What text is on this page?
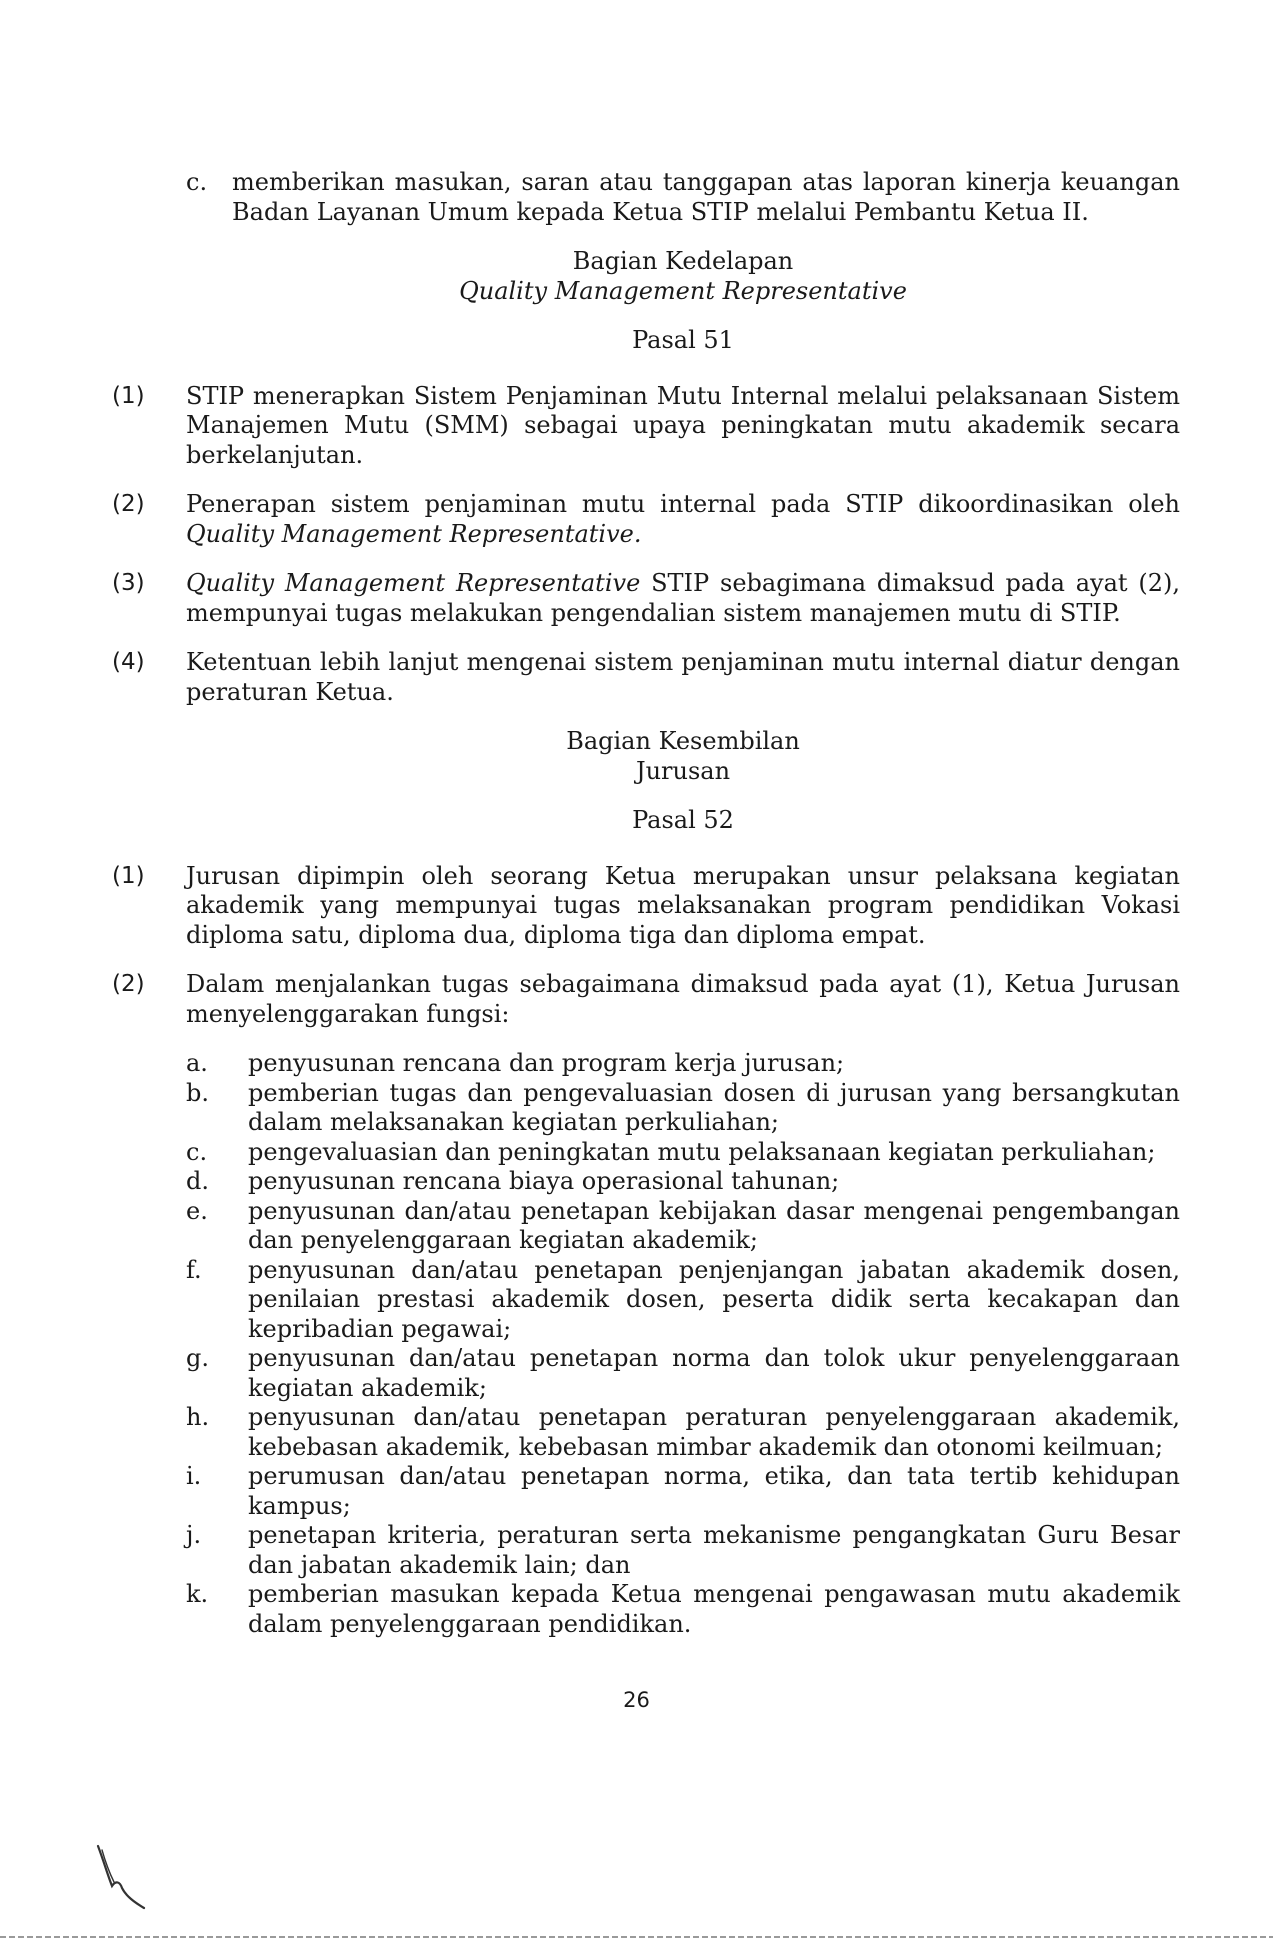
c.	memberikan masukan, saran atau tanggapan atas laporan kinerja keuangan Badan Layanan Umum kepada Ketua STIP melalui Pembantu Ketua II.
Bagian Kedelapan
Quality Management Representative
Pasal 51
(1)	STIP menerapkan Sistem Penjaminan Mutu Internal melalui pelaksanaan Sistem Manajemen Mutu (SMM) sebagai upaya peningkatan mutu akademik secara berkelanjutan.
(2)	Penerapan sistem penjaminan mutu internal pada STIP dikoordinasikan oleh Quality Management Representative.
(3)	Quality Management Representative STIP sebagimana dimaksud pada ayat (2), mempunyai tugas melakukan pengendalian sistem manajemen mutu di STIP.
(4)	Ketentuan lebih lanjut mengenai sistem penjaminan mutu internal diatur dengan peraturan Ketua.
Bagian Kesembilan
Jurusan
Pasal 52
(1)	Jurusan dipimpin oleh seorang Ketua merupakan unsur pelaksana kegiatan akademik yang mempunyai tugas melaksanakan program pendidikan Vokasi diploma satu, diploma dua, diploma tiga dan diploma empat.
(2)	Dalam menjalankan tugas sebagaimana dimaksud pada ayat (1), Ketua Jurusan menyelenggarakan fungsi:
a.	penyusunan rencana dan program kerja jurusan;
b.	pemberian tugas dan pengevaluasian dosen di jurusan yang bersangkutan dalam melaksanakan kegiatan perkuliahan;
c.	pengevaluasian dan peningkatan mutu pelaksanaan kegiatan perkuliahan;
d.	penyusunan rencana biaya operasional tahunan;
e.	penyusunan dan/atau penetapan kebijakan dasar mengenai pengembangan dan penyelenggaraan kegiatan akademik;
f.	penyusunan dan/atau penetapan penjenjangan jabatan akademik dosen, penilaian prestasi akademik dosen, peserta didik serta kecakapan dan kepribadian pegawai;
g.	penyusunan dan/atau penetapan norma dan tolok ukur penyelenggaraan kegiatan akademik;
h.	penyusunan dan/atau penetapan peraturan penyelenggaraan akademik, kebebasan akademik, kebebasan mimbar akademik dan otonomi keilmuan;
i.	perumusan dan/atau penetapan norma, etika, dan tata tertib kehidupan kampus;
j.	penetapan kriteria, peraturan serta mekanisme pengangkatan Guru Besar dan jabatan akademik lain; dan
k.	pemberian masukan kepada Ketua mengenai pengawasan mutu akademik dalam penyelenggaraan pendidikan.
26
